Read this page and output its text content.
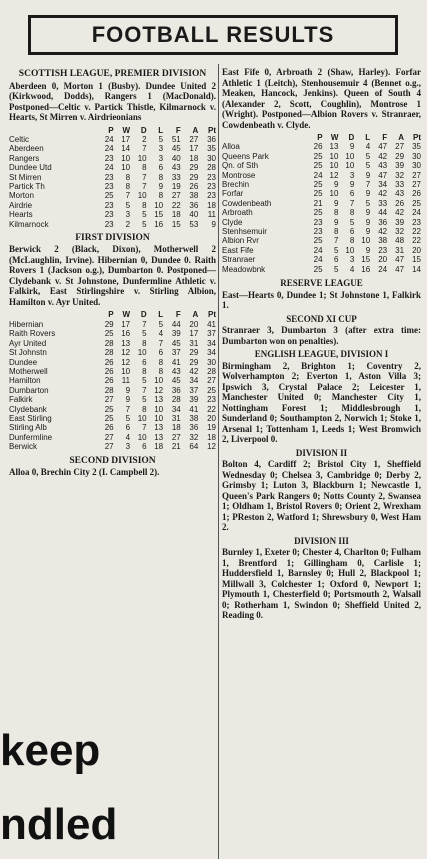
FOOTBALL RESULTS
SCOTTISH LEAGUE, PREMIER DIVISION
Aberdeen 0, Morton 1 (Busby). Dundee United 2 (Kirkwood, Dodds), Rangers 1 (MacDonald). Postponed—Celtic v. Partick Thistle, Kilmarnock v. Hearts, St Mirren v. Airdrieonians
	P	W	D	L	F	A	Pt
Celtic	24	17	2	5	51	27	36
Aberdeen	24	14	7	3	45	17	35
Rangers	23	10	10	3	40	18	30
Dundee Utd	24	10	8	6	43	29	28
St Mirren	23	8	7	8	33	29	23
Partick Th	23	8	7	9	19	26	23
Morton	25	7	10	8	27	38	23
Airdrie	23	5	8	10	22	36	18
Hearts	23	3	5	15	18	40	11
Kilmarnock	23	2	5	16	15	53	9
FIRST DIVISION
Berwick 2 (Black, Dixon), Motherwell 2 (McLaughlin, Irvine). Hibernian 0, Dundee 0. Raith Rovers 1 (Jackson o.g.), Dumbarton 0. Postponed—Clydebank v. St Johnstone, Dunfermline Athletic v. Falkirk, East Stirlingshire v. Stirling Albion, Hamilton v. Ayr United.
	P	W	D	L	F	A	Pt
Hibernian	29	17	7	5	44	20	41
Raith Rovers	25	16	5	4	39	17	37
Ayr United	28	13	8	7	45	31	34
St Johnstn	28	12	10	6	37	29	34
Dundee	26	12	6	8	41	29	30
Motherwell	26	10	8	8	43	42	28
Hamilton	26	11	5	10	45	34	27
Dumbarton	28	9	7	12	36	37	25
Falkirk	27	9	5	13	28	39	23
Clydebank	25	7	8	10	34	41	22
East Stirling	25	5	10	10	31	38	20
Stirling Alb	26	6	7	13	18	36	19
Dunfermline	27	4	10	13	27	32	18
Berwick	27	3	6	18	21	64	12
SECOND DIVISION
Alloa 0, Brechin City 2 (I. Campbell 2).
East Fife 0, Arbroath 2 (Shaw, Harley). Forfar Athletic 1 (Leitch), Stenhousemuir 4 (Bennet o.g., Meaken, Hancock, Jenkins). Queen of South 4 (Alexander 2, Scott, Coughlin), Montrose 1 (Wright). Postponed—Albion Rovers v. Stranraer, Cowdenbeath v. Clyde.
	P	W	D	L	F	A	Pt
Alloa	26	13	9	4	47	27	35
Queens Park	25	10	10	5	42	29	30
Qn. of Sth	25	10	10	5	43	39	30
Montrose	24	12	3	9	47	32	27
Brechin	25	9	9	7	34	33	27
Forfar	25	10	6	9	42	43	26
Cowdenbeath	21	9	7	5	33	26	25
Arbroath	25	8	8	9	44	42	24
Clyde	23	9	5	9	36	39	23
Stenhsemuir	23	8	6	9	42	32	22
Albion Rvr	25	7	8	10	38	48	22
East Fife	24	5	10	9	23	31	20
Stranraer	24	6	3	15	20	47	15
Meadowbnk	25	5	4	16	24	47	14
RESERVE LEAGUE
East—Hearts 0, Dundee 1; St Johnstone 1, Falkirk 1.
SECOND XI CUP
Stranraer 3, Dumbarton 3 (after extra time: Dumbarton won on penalties).
ENGLISH LEAGUE, DIVISION I
Birmingham 2, Brighton 1; Coventry 2, Wolverhampton 2; Everton 1, Aston Villa 3; Ipswich 3, Crystal Palace 2; Leicester 1, Manchester United 0; Manchester City 1, Nottingham Forest 1; Middlesbrough 1, Sunderland 0; Southampton 2, Norwich 1; Stoke 1, Arsenal 1; Tottenham 1, Leeds 1; West Bromwich 2, Liverpool 0.
DIVISION II
Bolton 4, Cardiff 2; Bristol City 1, Sheffield Wednesday 0; Chelsea 3, Cambridge 0; Derby 2, Grimsby 1; Luton 3, Blackburn 1; Newcastle 1, Queen's Park Rangers 0; Notts County 2, Swansea 1; Oldham 1, Bristol Rovers 0; Orient 2, Wrexham 1; PReston 2, Watford 1; Shrewsbury 0, West Ham 2.
DIVISION III
Burnley 1, Exeter 0; Chester 4, Charlton 0; Fulham 1, Brentford 1; Gillingham 0, Carlisle 1; Huddersfield 1, Barnsley 0; Hull 2, Blackpool 1; Millwall 3, Colchester 1; Oxford 0, Newport 1; Plymouth 1, Chesterfield 0; Portsmouth 2, Walsall 0; Rotherham 1, Swindon 0; Sheffield United 2, Reading 0.
keep
ndled
